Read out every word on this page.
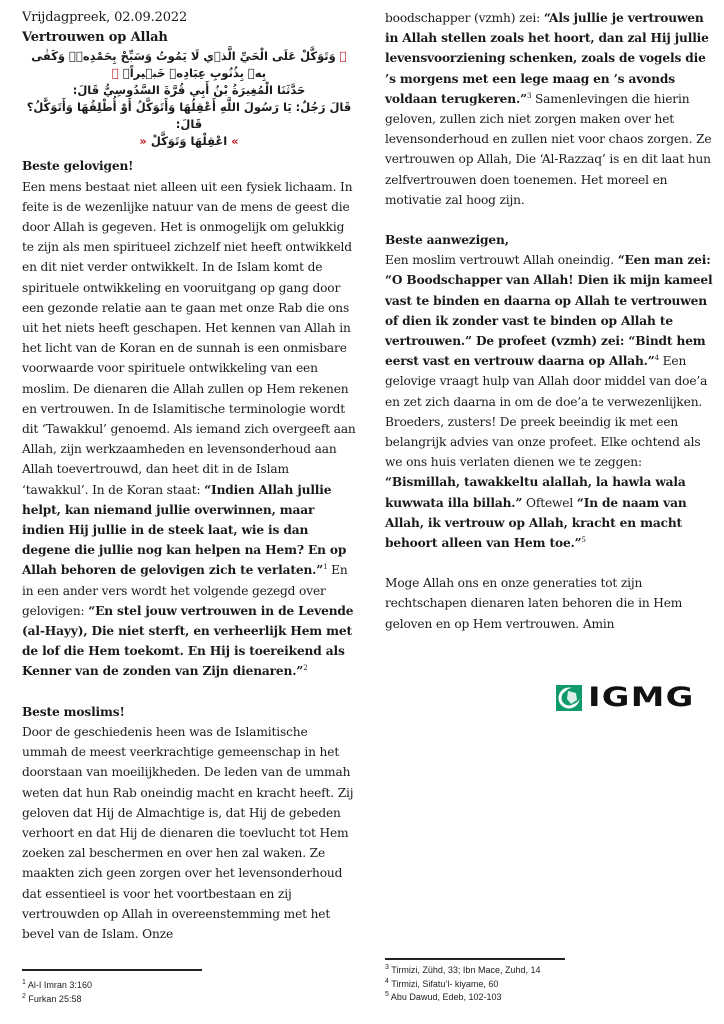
Vrijdagpreek, 02.09.2022
Vertrouwen op Allah
﴾ وَتَوَكَّلْ عَلَى الْحَيِّ الَّذ۪ي لَا يَمُوتُ وَسَبِّحْ بِحَمْدِه۪ۜ وَكَفٰى بِه۪ بِذُنُوبِ عِبَادِه۪ خَب۪يراًۚ ﴿
حَدَّثَنَا الْمُغِيرَةُ بْنُ أَبِي قُرَّةَ السَّدُوسِيُّ قَالَ:
قَالَ رَجُلٌ: يَا رَسُولَ اللَّهِ أَعْقِلُهَا وَأَتَوَكَّلُ أَوْ أُطْلِقُهَا وَأَتَوَكَّلُ؟ قَالَ:
» اعْقِلْهَا وَتَوَكَّلْ «
Beste gelovigen!

Een mens bestaat niet alleen uit een fysiek lichaam. In feite is de wezenlijke natuur van de mens de geest die door Allah is gegeven. Het is onmogelijk om gelukkig te zijn als men spiritueel zichzelf niet heeft ontwikkeld en dit niet verder ontwikkelt. In de Islam komt de spirituele ontwikkeling en vooruitgang op gang door een gezonde relatie aan te gaan met onze Rab die ons uit het niets heeft geschapen. Het kennen van Allah in het licht van de Koran en de sunnah is een onmisbare voorwaarde voor spirituele ontwikkeling van een moslim. De dienaren die Allah zullen op Hem rekenen en vertrouwen. In de Islamitische terminologie wordt dit ‘Tawakkul’ genoemd. Als iemand zich overgeeft aan Allah, zijn werkzaamheden en levensonderhoud aan Allah toevertrouwd, dan heet dit in de Islam ‘tawakkul’. In de Koran staat: “Indien Allah jullie helpt, kan niemand jullie overwinnen, maar indien Hij jullie in de steek laat, wie is dan degene die jullie nog kan helpen na Hem? En op Allah behoren de gelovigen zich te verlaten.”$^1$ En in een ander vers wordt het volgende gezegd over gelovigen: “En stel jouw vertrouwen in de Levende (al-Hayy), Die niet sterft, en verheerlijk Hem met de lof die Hem toekomt. En Hij is toereikend als Kenner van de zonden van Zijn dienaren.”$^2$

Beste moslims!

Door de geschiedenis heen was de Islamitische ummah de meest veerkrachtige gemeenschap in het doorstaan van moeilijkheden. De leden van de ummah weten dat hun Rab oneindig macht en kracht heeft. Zij geloven dat Hij de Almachtige is, dat Hij de gebeden verhoort en dat Hij de dienaren die toevlucht tot Hem zoeken zal beschermen en over hen zal waken. Ze maakten zich geen zorgen over het levensonderhoud dat essentieel is voor het voortbestaan en zij vertrouwden op Allah in overeenstemming met het bevel van de Islam. Onze

boodschapper (vzmh) zei: “Als jullie je vertrouwen in Allah stellen zoals het hoort, dan zal Hij jullie levensvoorziening schenken, zoals de vogels die ’s morgens met een lege maag en ’s avonds voldaan terugkeren.”$^3$ Samenlevingen die hierin geloven, zullen zich niet zorgen maken over het levensonderhoud en zullen niet voor chaos zorgen. Ze vertrouwen op Allah, Die ‘Al-Razzaq’ is en dit laat hun zelfvertrouwen doen toenemen. Het moreel en motivatie zal hoog zijn.

Beste aanwezigen,

Een moslim vertrouwt Allah oneindig. “Een man zei: “O Boodschapper van Allah! Dien ik mijn kameel vast te binden en daarna op Allah te vertrouwen of dien ik zonder vast te binden op Allah te vertrouwen.” De profeet (vzmh) zei: “Bindt hem eerst vast en vertrouw daarna op Allah.”$^4$ Een gelovige vraagt hulp van Allah door middel van doe’a en zet zich daarna in om de doe’a te verwezenlijken.

Broeders, zusters! De preek beeindig ik met een belangrijk advies van onze profeet. Elke ochtend als we ons huis verlaten dienen we te zeggen: “Bismillah, tawakkeltu alallah, la hawla wala kuwwata illa billah.” Oftewel “In de naam van Allah, ik vertrouw op Allah, kracht en macht behoort alleen van Hem toe.”$^5$

Moge Allah ons en onze generaties tot zijn rechtschapen dienaren laten behoren die in Hem geloven en op Hem vertrouwen. Amin

IGMG
$^1$ Al-I Imran 3:160
$^2$ Furkan 25:58
$^3$ Tirmizi, Zühd, 33; Ibn Mace, Zuhd, 14
$^4$ Tirmizi, Sifatu’l- kiyame, 60
$^5$ Abu Dawud, Edeb, 102-103
